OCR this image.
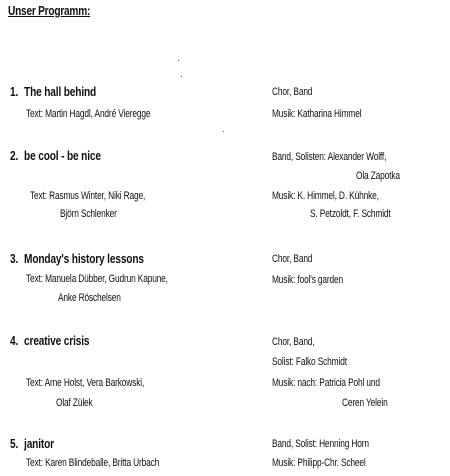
Unser Programm:
1. The hall behind
Text: Martin Hagdl, André Vieregge
Chor, Band
Musik: Katharina Himmel
2. be cool - be nice
Text: Rasmus Winter, Niki Rage,
Björn Schlenker
Band, Solisten: Alexander Wolff,
Ola Zapotka
Musik: K. Himmel, D. Kühnke,
S. Petzoldt, F. Schmidt
3. Monday's history lessons
Text: Manuela Dübber, Gudrun Kapune,
Anke Röschelsen
Chor, Band
Musik: fool's garden
4. creative crisis
Text: Arne Holst, Vera Barkowski,
Olaf Zülek
Chor, Band,
Solist: Falko Schmidt
Musik: nach: Patricia Pohl und
Ceren Yelein
5. janitor
Text: Karen Blindeballe, Britta Urbach
Band, Solist: Henning Horn
Musik: Philipp-Chr. Scheel
